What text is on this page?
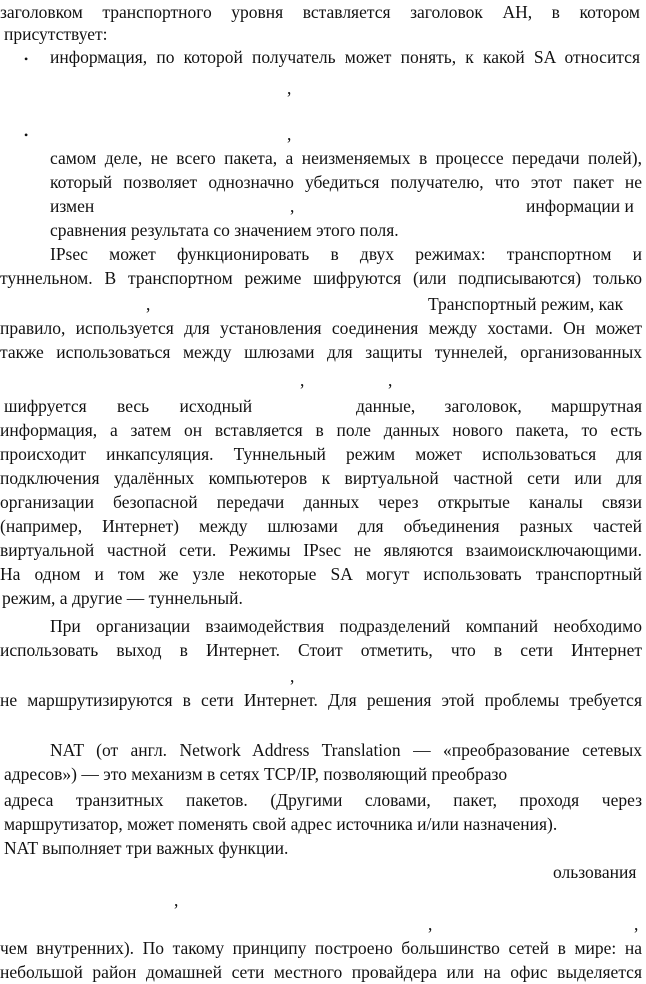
заголовком транспортного уровня вставляется заголовок АН, в котором
присутствует:
• информация, по которой получатель может понять, к какой SA относится
,
•	,
самом деле, не всего пакета, а неизменяемых в процессе передачи полей),
который позволяет однозначно убедиться получателю, что этот пакет не
измен	,	информации и
сравнения результата со значением этого поля.
IPsec может функционировать в двух режимах: транспортном и
туннельном. В транспортном режиме шифруются (или подписываются) только
,	Транспортный режим, как
правило, используется для установления соединения между хостами. Он может
также использоваться между шлюзами для защиты туннелей, организованных
,	,
шифруется весь исходный	данные, заголовок, маршрутная
информация, а затем он вставляется в поле данных нового пакета, то есть
происходит инкапсуляция. Туннельный режим может использоваться для
подключения удалённых компьютеров к виртуальной частной сети или для
организации безопасной передачи данных через открытые каналы связи
(например, Интернет) между шлюзами для объединения разных частей
виртуальной частной сети. Режимы IPsec не являются взаимоисключающими.
На одном и том же узле некоторые SA могут использовать транспортный
режим, а другие — туннельный.
При организации взаимодействия подразделений компаний необходимо
использовать выход в Интернет. Стоит отметить, что в сети Интернет
,
не маршрутизируются в сети Интернет. Для решения этой проблемы требуется
NAT (от англ. Network Address Translation — «преобразование сетевых
адресов») — это механизм в сетях TCP/IP, позволяющий преобразо
адреса транзитных пакетов. (Другими словами, пакет, проходя через
маршрутизатор, может поменять свой адрес источника и/или назначения).
NAT выполняет три важных функции.
ользования
,
,	,
чем внутренних). По такому принципу построено большинство сетей в мире: на
небольшой район домашней сети местного провайдера или на офис выделяется
